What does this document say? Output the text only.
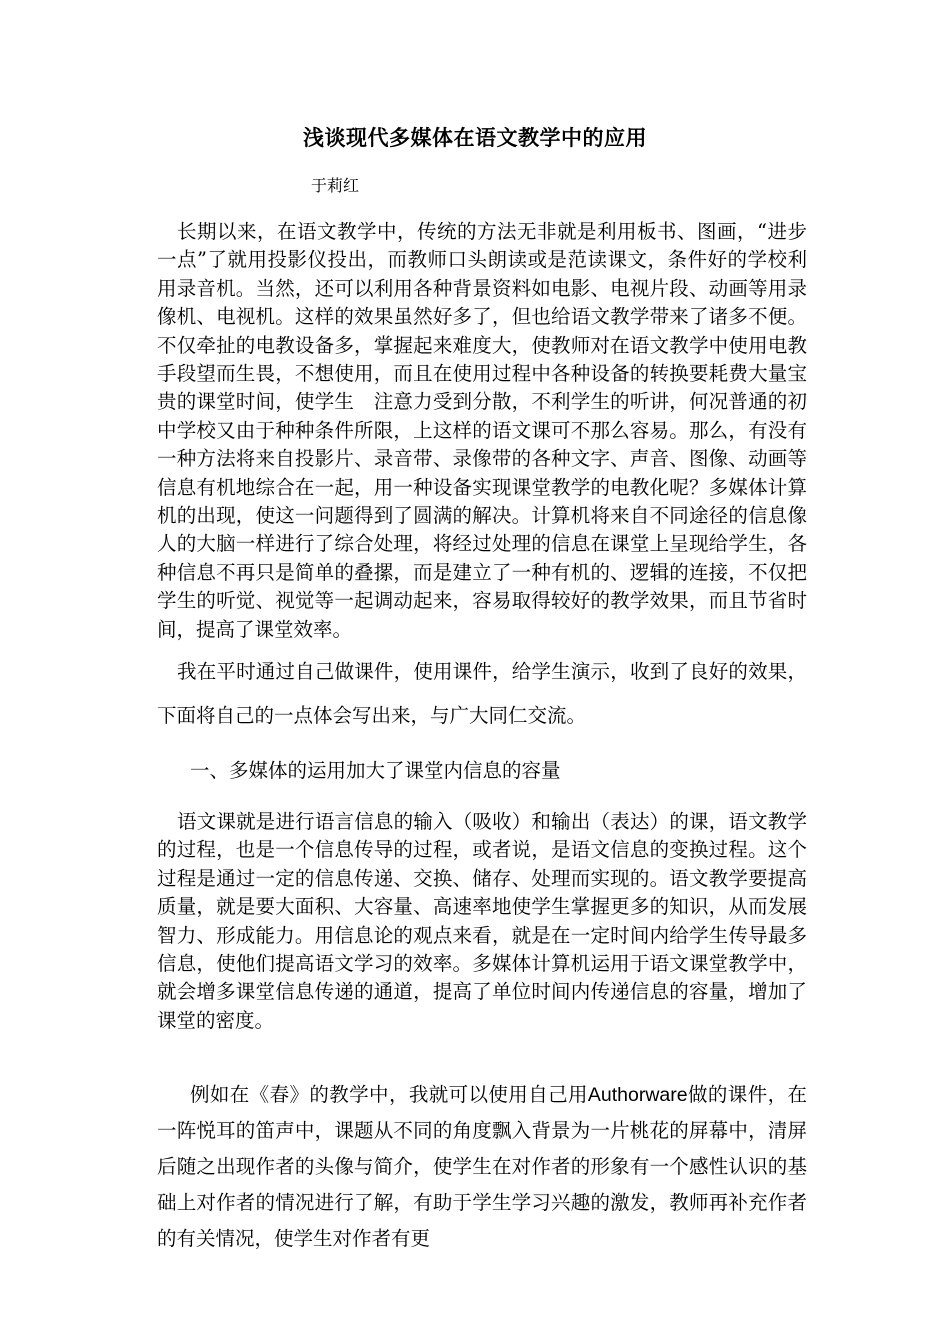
浅谈现代多媒体在语文教学中的应用
于莉红

长期以来，在语文教学中，传统的方法无非就是利用板书、图画，“进步一点”了就用投影仪投出，而教师口头朗读或是范读课文，条件好的学校利用录音机。当然，还可以利用各种背景资料如电影、电视片段、动画等用录像机、电视机。这样的效果虽然好多了，但也给语文教学带来了诸多不便。不仅牵扯的电教设备多，掌握起来难度大，使教师对在语文教学中使用电教手段望而生畏，不想使用，而且在使用过程中各种设备的转换要耗费大量宝贵的课堂时间，使学生　注意力受到分散，不利学生的听讲，何况普通的初中学校又由于种种条件所限，上这样的语文课可不那么容易。那么，有没有一种方法将来自投影片、录音带、录像带的各种文字、声音、图像、动画等信息有机地综合在一起，用一种设备实现课堂教学的电教化呢？多媒体计算机的出现，使这一问题得到了圆满的解决。计算机将来自不同途径的信息像人的大脑一样进行了综合处理，将经过处理的信息在课堂上呈现给学生，各种信息不再只是简单的叠摞，而是建立了一种有机的、逻辑的连接，不仅把学生的听觉、视觉等一起调动起来，容易取得较好的教学效果，而且节省时间，提高了课堂效率。

我在平时通过自己做课件，使用课件，给学生演示，收到了良好的效果，下面将自己的一点体会写出来，与广大同仁交流。

一、多媒体的运用加大了课堂内信息的容量

语文课就是进行语言信息的输入（吸收）和输出（表达）的课，语文教学的过程，也是一个信息传导的过程，或者说，是语文信息的变换过程。这个过程是通过一定的信息传递、交换、储存、处理而实现的。语文教学要提高质量，就是要大面积、大容量、高速率地使学生掌握更多的知识，从而发展智力、形成能力。用信息论的观点来看，就是在一定时间内给学生传导最多信息，使他们提高语文学习的效率。多媒体计算机运用于语文课堂教学中，就会增多课堂信息传递的通道，提高了单位时间内传递信息的容量，增加了课堂的密度。

例如在《春》的教学中，我就可以使用自己用Authorware做的课件，在一阵悦耳的笛声中，课题从不同的角度飘入背景为一片桃花的屏幕中，清屏后随之出现作者的头像与简介，使学生在对作者的形象有一个感性认识的基础上对作者的情况进行了解，有助于学生学习兴趣的激发，教师再补充作者的有关情况，使学生对作者有更
